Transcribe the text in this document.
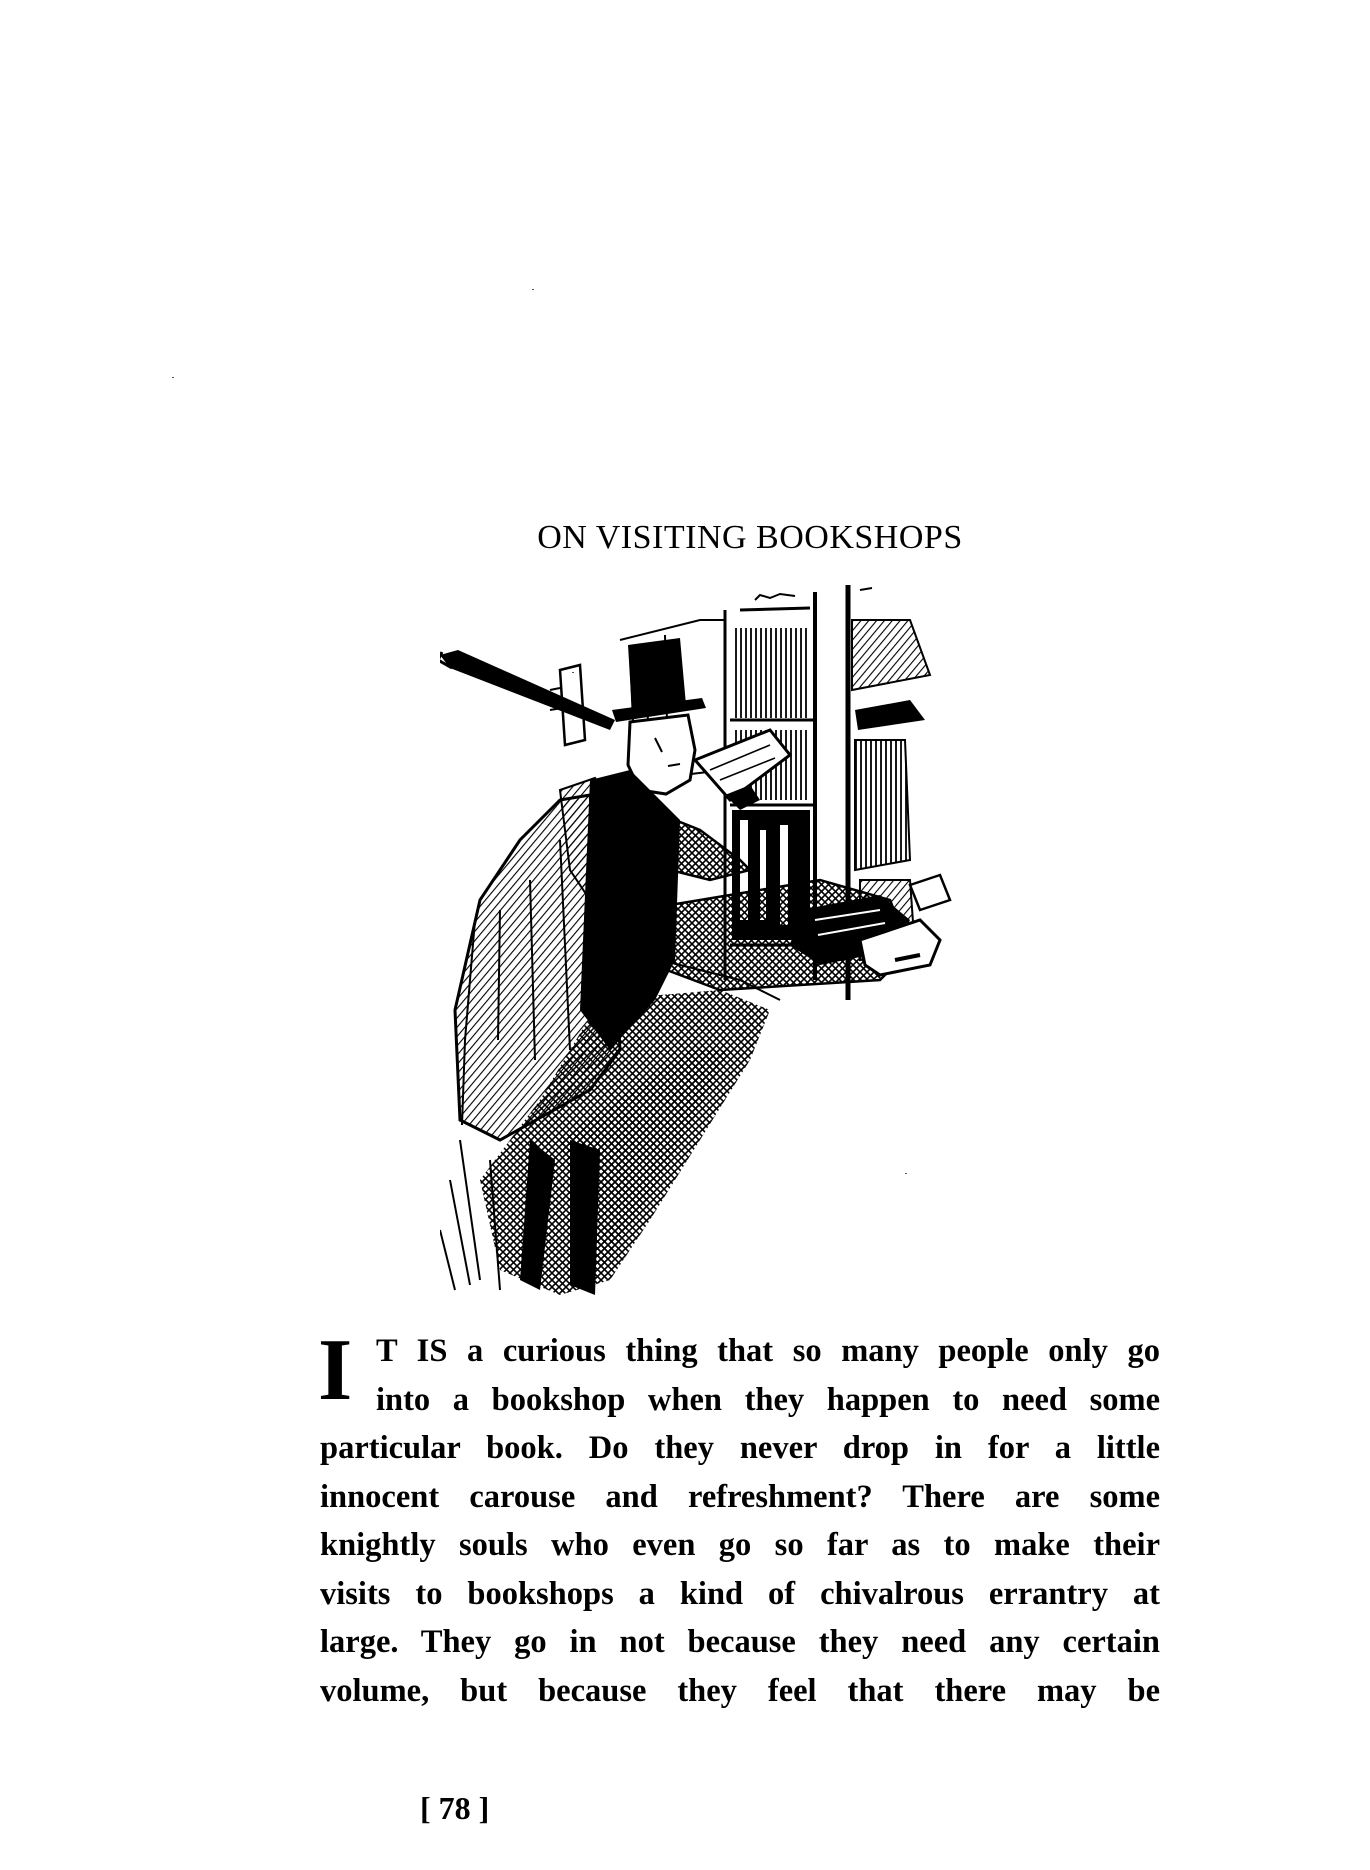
ON VISITING BOOKSHOPS
I T IS a curious thing that so many people only go
into a bookshop when they happen to need some
particular book. Do they never drop in for a little
innocent carouse and refreshment? There are some
knightly souls who even go so far as to make their
visits to bookshops a kind of chivalrous errantry at
large. They go in not because they need any certain
volume, but because they feel that there may be
[ 78 ]
